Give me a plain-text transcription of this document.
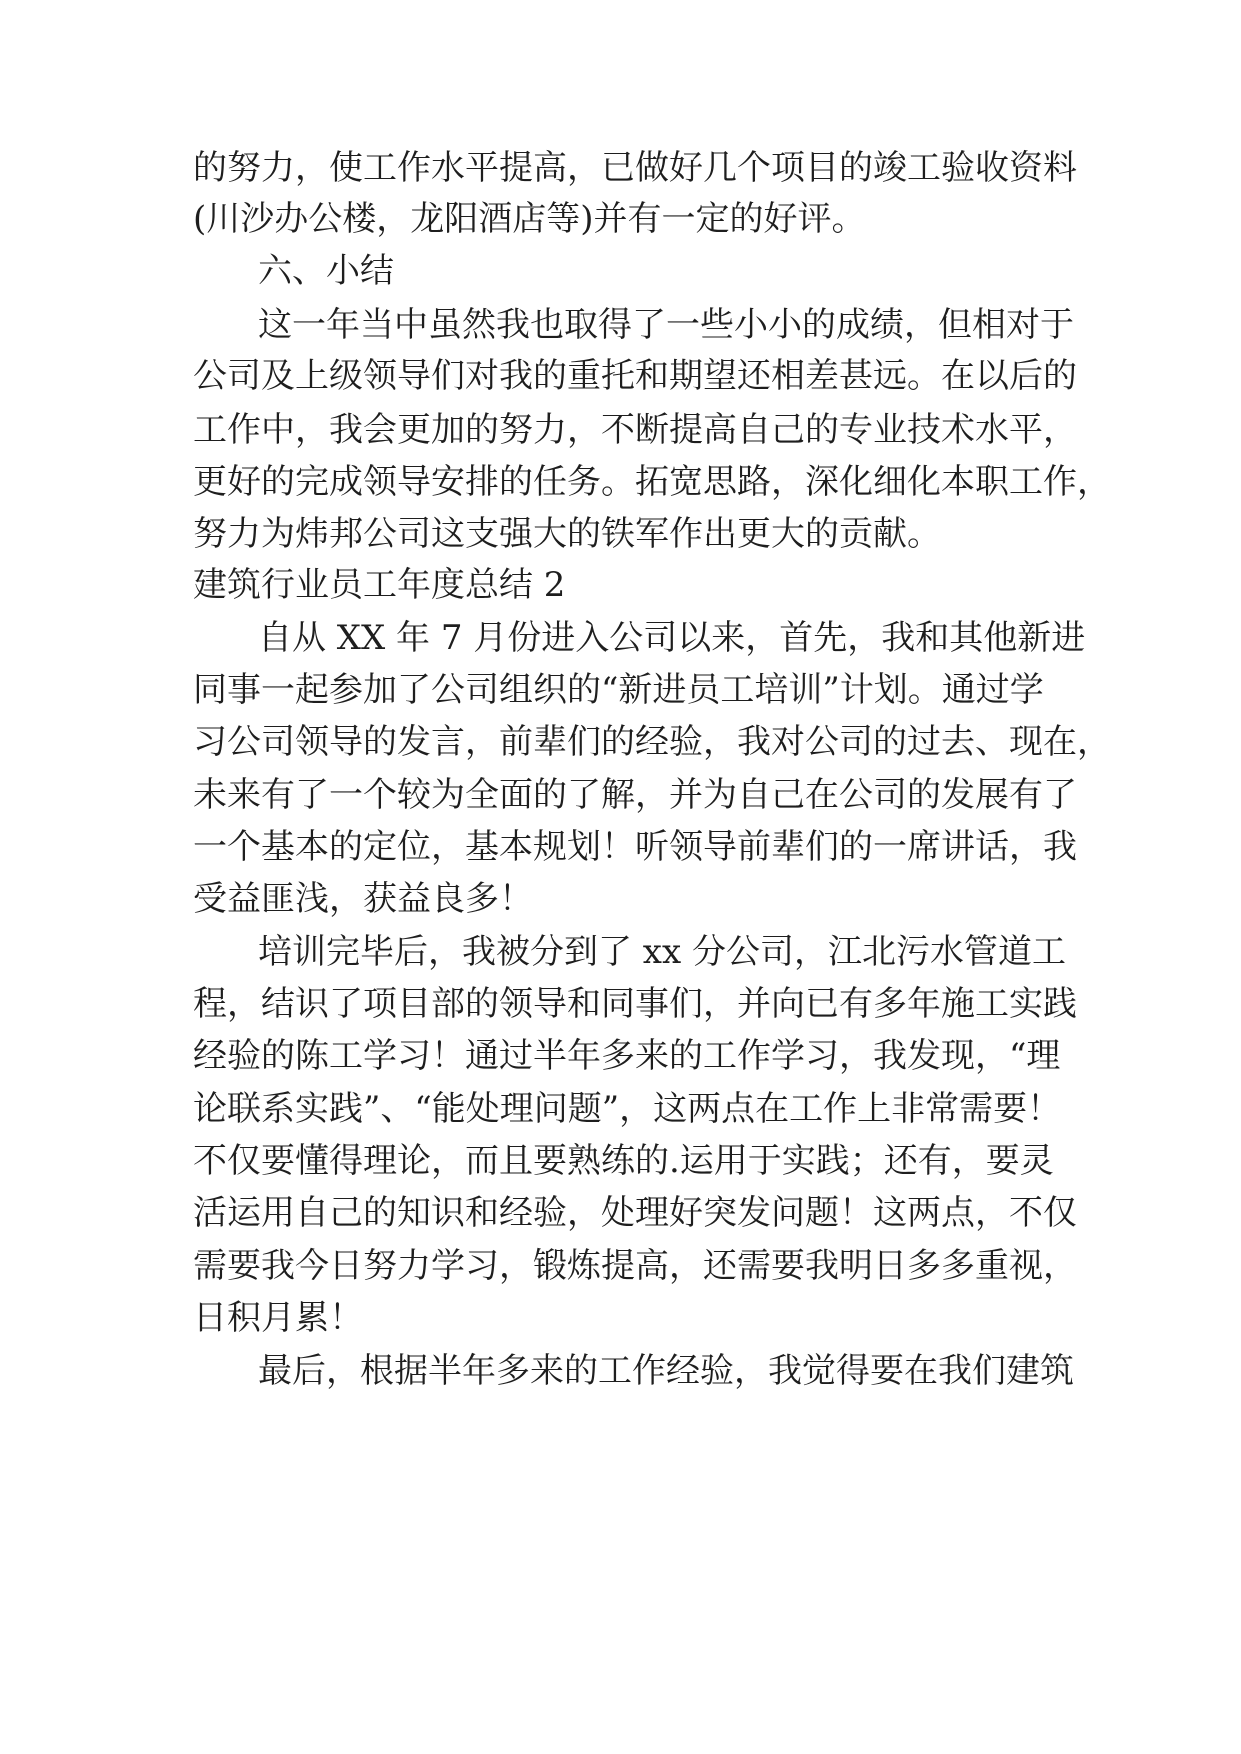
的努力，使工作水平提高，已做好几个项目的竣工验收资料
(川沙办公楼，龙阳酒店等)并有一定的好评。
六、小结
这一年当中虽然我也取得了一些小小的成绩，但相对于
公司及上级领导们对我的重托和期望还相差甚远。在以后的
工作中，我会更加的努力，不断提高自己的专业技术水平，
更好的完成领导安排的任务。拓宽思路，深化细化本职工作，
努力为炜邦公司这支强大的铁军作出更大的贡献。
建筑行业员工年度总结 2
自从 XX 年 7 月份进入公司以来，首先，我和其他新进
同事一起参加了公司组织的“新进员工培训”计划。通过学
习公司领导的发言，前辈们的经验，我对公司的过去、现在，
未来有了一个较为全面的了解，并为自己在公司的发展有了
一个基本的定位，基本规划！听领导前辈们的一席讲话，我
受益匪浅，获益良多！
培训完毕后，我被分到了 xx 分公司，江北污水管道工
程，结识了项目部的领导和同事们，并向已有多年施工实践
经验的陈工学习！通过半年多来的工作学习，我发现，“理
论联系实践”、“能处理问题”，这两点在工作上非常需要！
不仅要懂得理论，而且要熟练的.运用于实践；还有，要灵
活运用自己的知识和经验，处理好突发问题！这两点，不仅
需要我今日努力学习，锻炼提高，还需要我明日多多重视，
日积月累！
最后，根据半年多来的工作经验，我觉得要在我们建筑
